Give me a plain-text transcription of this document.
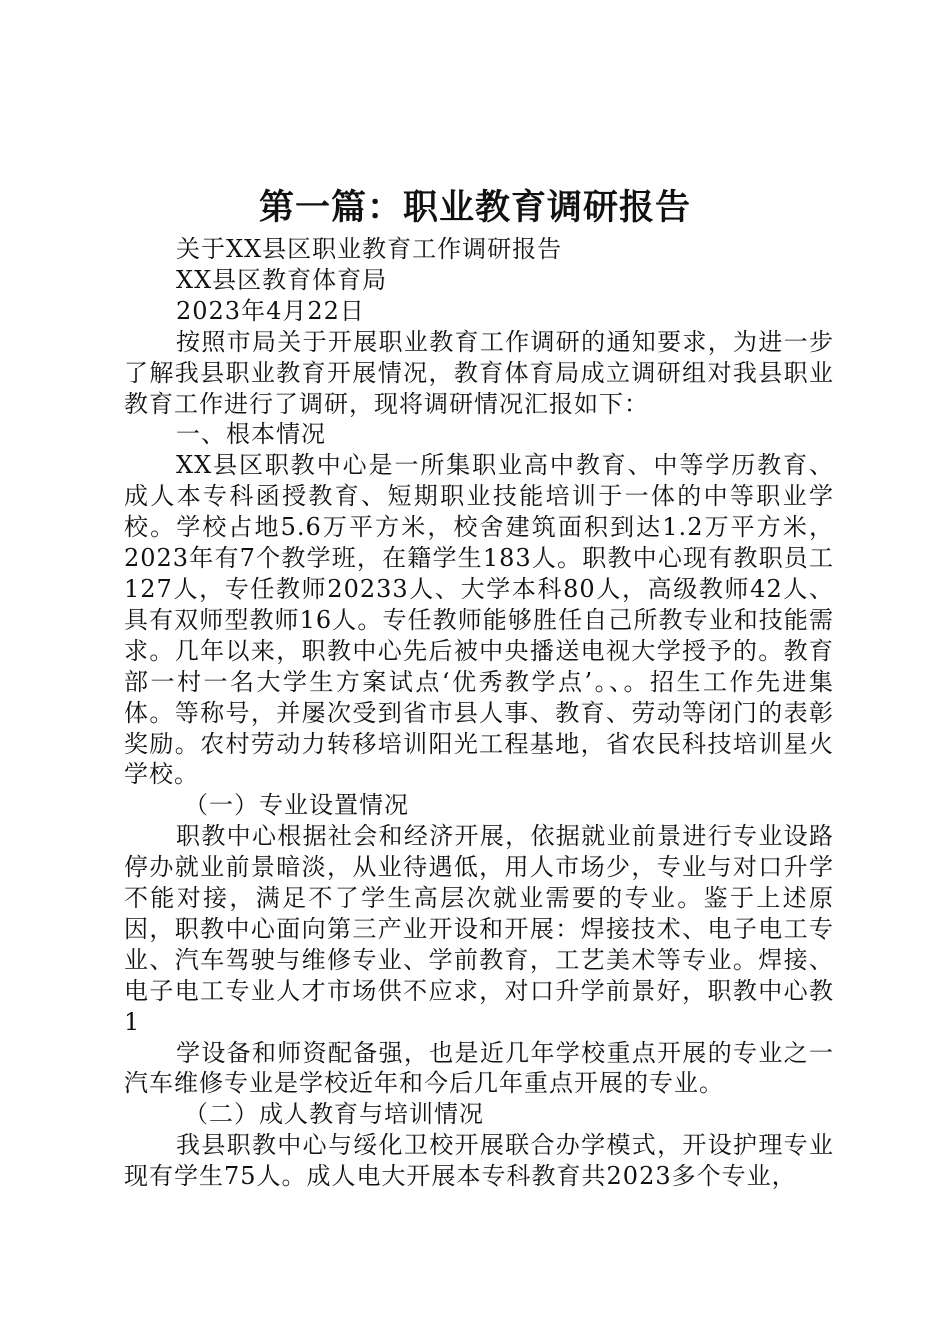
第一篇：职业教育调研报告

关于XX县区职业教育工作调研报告

XX县区教育体育局

2023年4月22日

按照市局关于开展职业教育工作调研的通知要求，为进一步了解我县职业教育开展情况，教育体育局成立调研组对我县职业教育工作进行了调研，现将调研情况汇报如下：

一、根本情况

XX县区职教中心是一所集职业高中教育、中等学历教育、成人本专科函授教育、短期职业技能培训于一体的中等职业学校。学校占地5.6万平方米，校舍建筑面积到达1.2万平方米，2023年有7个教学班，在籍学生183人。职教中心现有教职员工127人，专任教师20233人、大学本科80人，高级教师42人、具有双师型教师16人。专任教师能够胜任自己所教专业和技能需求。几年以来，职教中心先后被中央播送电视大学授予的。教育部一村一名大学生方案试点‘优秀教学点’。、。招生工作先进集体。等称号，并屡次受到省市县人事、教育、劳动等闭门的表彰奖励。农村劳动力转移培训阳光工程基地，省农民科技培训星火学校。

（一）专业设置情况

职教中心根据社会和经济开展，依据就业前景进行专业设路停办就业前景暗淡，从业待遇低，用人市场少，专业与对口升学不能对接，满足不了学生高层次就业需要的专业。鉴于上述原因，职教中心面向第三产业开设和开展：焊接技术、电子电工专业、汽车驾驶与维修专业、学前教育，工艺美术等专业。焊接、电子电工专业人才市场供不应求，对口升学前景好，职教中心教1

学设备和师资配备强，也是近几年学校重点开展的专业之一汽车维修专业是学校近年和今后几年重点开展的专业。

（二）成人教育与培训情况

我县职教中心与绥化卫校开展联合办学模式，开设护理专业现有学生75人。成人电大开展本专科教育共2023多个专业，
